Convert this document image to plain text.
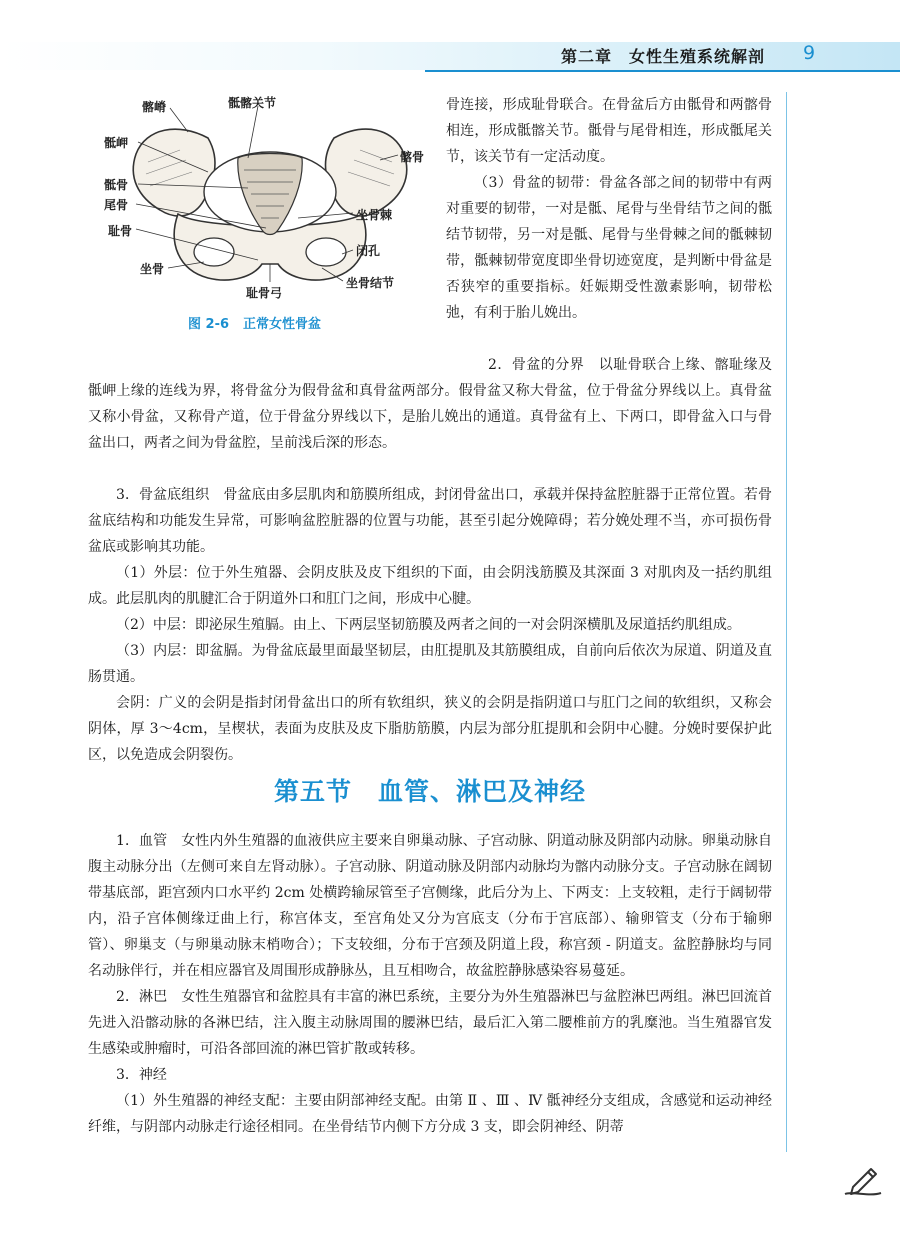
第二章　女性生殖系统解剖 9
髂嵴	骶髂关节
骶岬
髂骨
骶骨
尾骨
坐骨棘
耻骨
闭孔
坐骨
坐骨结节
耻骨弓
图 2-6 正常女性骨盆

骨连接，形成耻骨联合。在骨盆后方由骶骨和两髂骨相连，形成骶髂关节。骶骨与尾骨相连，形成骶尾关节，该关节有一定活动度。

（3）骨盆的韧带：骨盆各部之间的韧带中有两对重要的韧带，一对是骶、尾骨与坐骨结节之间的骶结节韧带，另一对是骶、尾骨与坐骨棘之间的骶棘韧带，骶棘韧带宽度即坐骨切迹宽度，是判断中骨盆是否狭窄的重要指标。妊娠期受性激素影响，韧带松弛，有利于胎儿娩出。

2．骨盆的分界　以耻骨联合上缘、髂耻缘及骶岬上缘的连线为界，将骨盆分为假骨盆和真骨盆两部分。假骨盆又称大骨盆，位于骨盆分界线以上。真骨盆又称小骨盆，又称骨产道，位于骨盆分界线以下，是胎儿娩出的通道。真骨盆有上、下两口，即骨盆入口与骨盆出口，两者之间为骨盆腔，呈前浅后深的形态。

3．骨盆底组织　骨盆底由多层肌肉和筋膜所组成，封闭骨盆出口，承载并保持盆腔脏器于正常位置。若骨盆底结构和功能发生异常，可影响盆腔脏器的位置与功能，甚至引起分娩障碍；若分娩处理不当，亦可损伤骨盆底或影响其功能。

（1）外层：位于外生殖器、会阴皮肤及皮下组织的下面，由会阴浅筋膜及其深面 3 对肌肉及一括约肌组成。此层肌肉的肌腱汇合于阴道外口和肛门之间，形成中心腱。

（2）中层：即泌尿生殖膈。由上、下两层坚韧筋膜及两者之间的一对会阴深横肌及尿道括约肌组成。

（3）内层：即盆膈。为骨盆底最里面最坚韧层，由肛提肌及其筋膜组成，自前向后依次为尿道、阴道及直肠贯通。

会阴：广义的会阴是指封闭骨盆出口的所有软组织，狭义的会阴是指阴道口与肛门之间的软组织，又称会阴体，厚 3～4cm，呈楔状，表面为皮肤及皮下脂肪筋膜，内层为部分肛提肌和会阴中心腱。分娩时要保护此区，以免造成会阴裂伤。

第五节　血管、淋巴及神经

1．血管　女性内外生殖器的血液供应主要来自卵巢动脉、子宫动脉、阴道动脉及阴部内动脉。卵巢动脉自腹主动脉分出（左侧可来自左肾动脉）。子宫动脉、阴道动脉及阴部内动脉均为髂内动脉分支。子宫动脉在阔韧带基底部，距宫颈内口水平约 2cm 处横跨输尿管至子宫侧缘，此后分为上、下两支：上支较粗，走行于阔韧带内，沿子宫体侧缘迂曲上行，称宫体支，至宫角处又分为宫底支（分布于宫底部）、输卵管支（分布于输卵管）、卵巢支（与卵巢动脉末梢吻合）；下支较细，分布于宫颈及阴道上段，称宫颈 - 阴道支。盆腔静脉均与同名动脉伴行，并在相应器官及周围形成静脉丛，且互相吻合，故盆腔静脉感染容易蔓延。

2．淋巴　女性生殖器官和盆腔具有丰富的淋巴系统，主要分为外生殖器淋巴与盆腔淋巴两组。淋巴回流首先进入沿髂动脉的各淋巴结，注入腹主动脉周围的腰淋巴结，最后汇入第二腰椎前方的乳糜池。当生殖器官发生感染或肿瘤时，可沿各部回流的淋巴管扩散或转移。

3．神经

（1）外生殖器的神经支配：主要由阴部神经支配。由第 Ⅱ 、Ⅲ 、Ⅳ 骶神经分支组成，含感觉和运动神经纤维，与阴部内动脉走行途径相同。在坐骨结节内侧下方分成 3 支，即会阴神经、阴蒂
